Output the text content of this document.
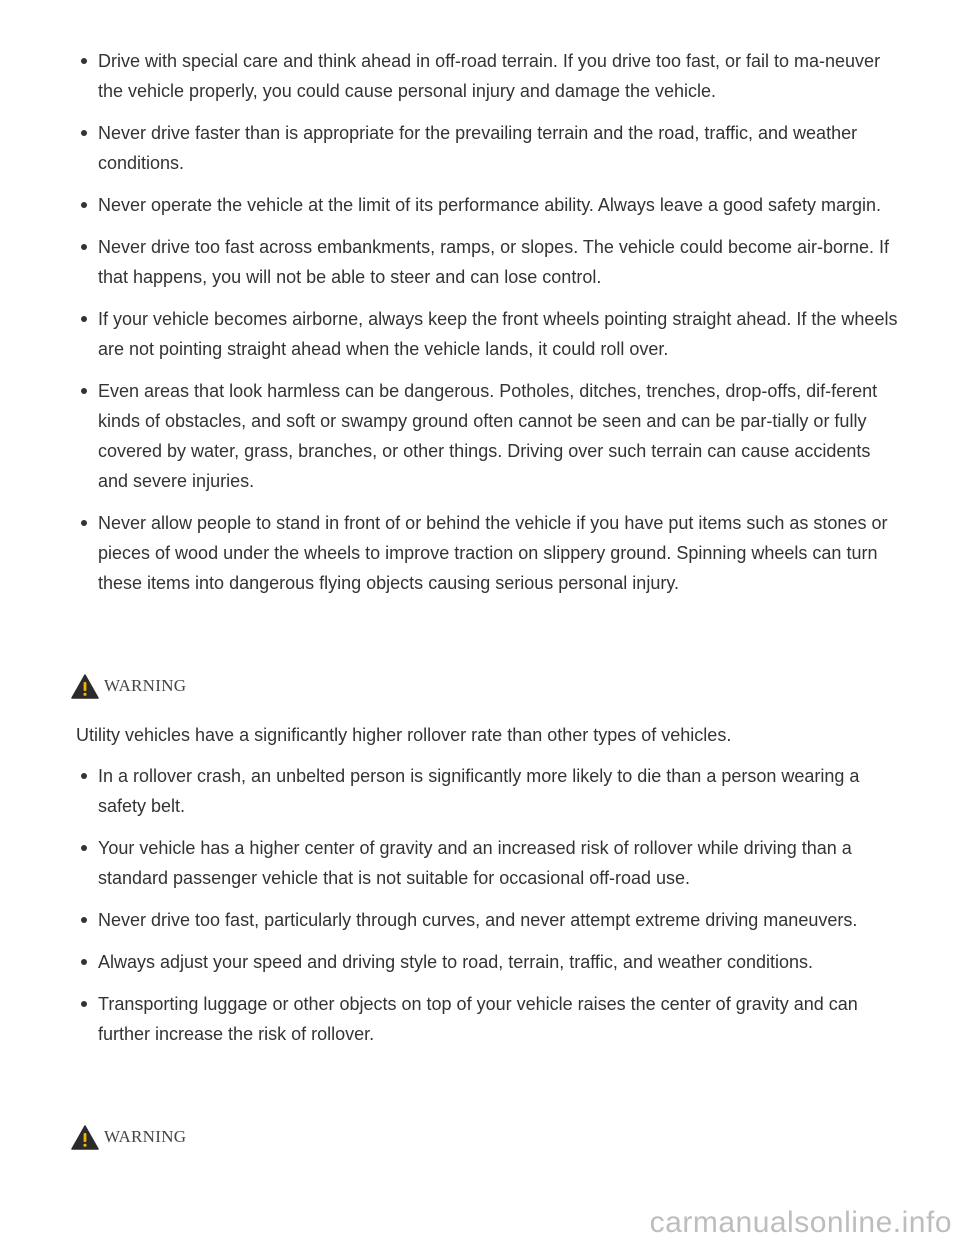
Drive with special care and think ahead in off-road terrain. If you drive too fast, or fail to ma-neuver the vehicle properly, you could cause personal injury and damage the vehicle.
Never drive faster than is appropriate for the prevailing terrain and the road, traffic, and weather conditions.
Never operate the vehicle at the limit of its performance ability. Always leave a good safety margin.
Never drive too fast across embankments, ramps, or slopes. The vehicle could become air-borne. If that happens, you will not be able to steer and can lose control.
If your vehicle becomes airborne, always keep the front wheels pointing straight ahead. If the wheels are not pointing straight ahead when the vehicle lands, it could roll over.
Even areas that look harmless can be dangerous. Potholes, ditches, trenches, drop-offs, dif-ferent kinds of obstacles, and soft or swampy ground often cannot be seen and can be par-tially or fully covered by water, grass, branches, or other things. Driving over such terrain can cause accidents and severe injuries.
Never allow people to stand in front of or behind the vehicle if you have put items such as stones or pieces of wood under the wheels to improve traction on slippery ground. Spinning wheels can turn these items into dangerous flying objects causing serious personal injury.
WARNING
Utility vehicles have a significantly higher rollover rate than other types of vehicles.
In a rollover crash, an unbelted person is significantly more likely to die than a person wearing a safety belt.
Your vehicle has a higher center of gravity and an increased risk of rollover while driving than a standard passenger vehicle that is not suitable for occasional off-road use.
Never drive too fast, particularly through curves, and never attempt extreme driving maneuvers.
Always adjust your speed and driving style to road, terrain, traffic, and weather conditions.
Transporting luggage or other objects on top of your vehicle raises the center of gravity and can further increase the risk of rollover.
WARNING
carmanualsonline.info
